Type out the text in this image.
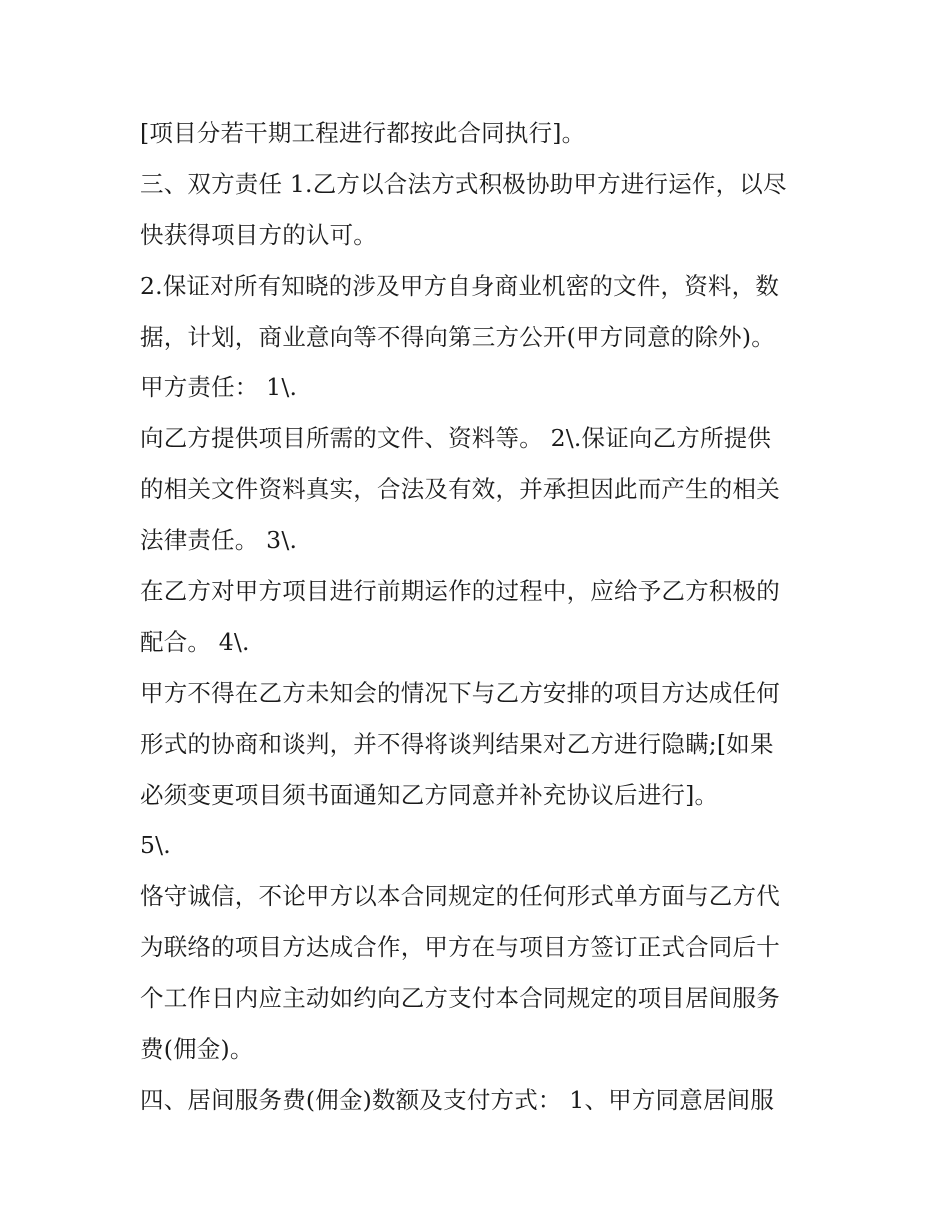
[项目分若干期工程进行都按此合同执行]。
三、双方责任 1.乙方以合法方式积极协助甲方进行运作，以尽
快获得项目方的认可。
2.保证对所有知晓的涉及甲方自身商业机密的文件，资料，数
据，计划，商业意向等不得向第三方公开(甲方同意的除外)。
甲方责任： 1\.
向乙方提供项目所需的文件、资料等。 2\.保证向乙方所提供
的相关文件资料真实，合法及有效，并承担因此而产生的相关
法律责任。 3\.
在乙方对甲方项目进行前期运作的过程中，应给予乙方积极的
配合。 4\.
甲方不得在乙方未知会的情况下与乙方安排的项目方达成任何
形式的协商和谈判，并不得将谈判结果对乙方进行隐瞒;[如果
必须变更项目须书面通知乙方同意并补充协议后进行]。
5\.
恪守诚信，不论甲方以本合同规定的任何形式单方面与乙方代
为联络的项目方达成合作，甲方在与项目方签订正式合同后十
个工作日内应主动如约向乙方支付本合同规定的项目居间服务
费(佣金)。
四、居间服务费(佣金)数额及支付方式： 1、甲方同意居间服
